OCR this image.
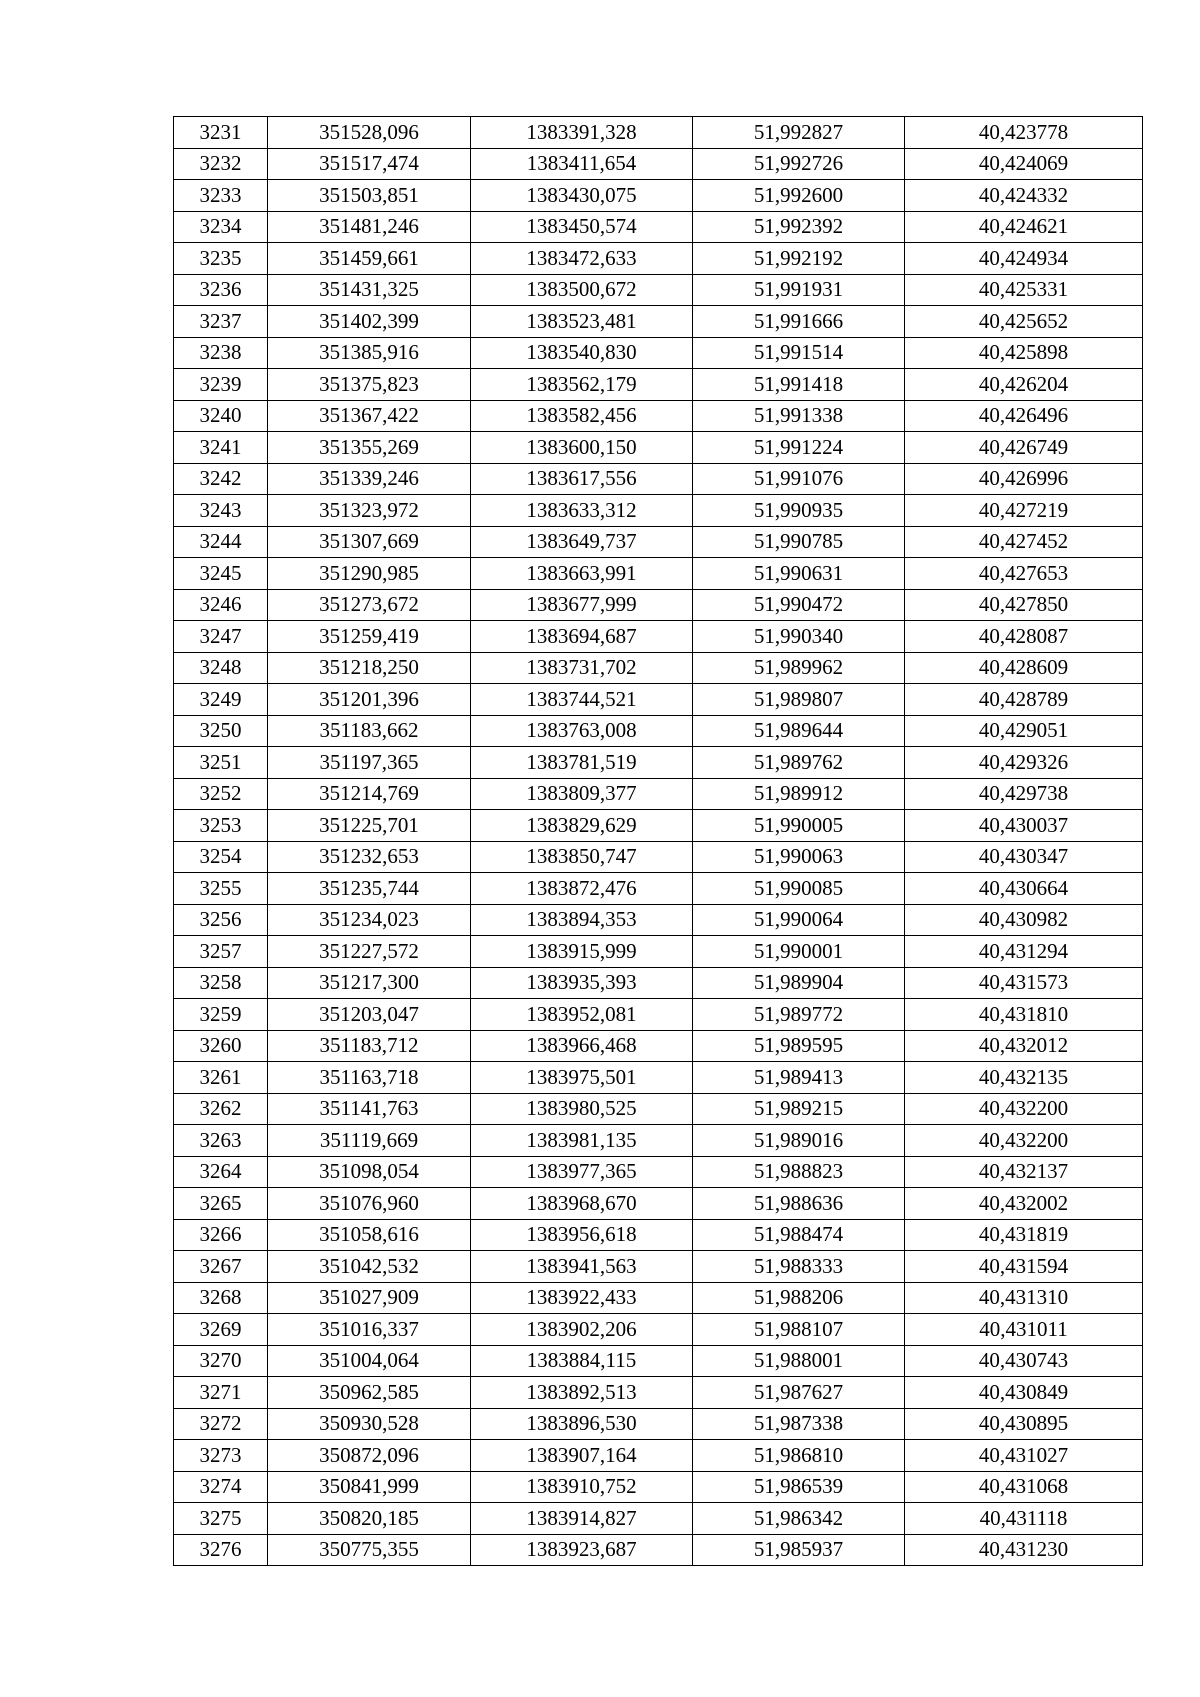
3231	351528,096	1383391,328	51,992827	40,423778
3232	351517,474	1383411,654	51,992726	40,424069
3233	351503,851	1383430,075	51,992600	40,424332
3234	351481,246	1383450,574	51,992392	40,424621
3235	351459,661	1383472,633	51,992192	40,424934
3236	351431,325	1383500,672	51,991931	40,425331
3237	351402,399	1383523,481	51,991666	40,425652
3238	351385,916	1383540,830	51,991514	40,425898
3239	351375,823	1383562,179	51,991418	40,426204
3240	351367,422	1383582,456	51,991338	40,426496
3241	351355,269	1383600,150	51,991224	40,426749
3242	351339,246	1383617,556	51,991076	40,426996
3243	351323,972	1383633,312	51,990935	40,427219
3244	351307,669	1383649,737	51,990785	40,427452
3245	351290,985	1383663,991	51,990631	40,427653
3246	351273,672	1383677,999	51,990472	40,427850
3247	351259,419	1383694,687	51,990340	40,428087
3248	351218,250	1383731,702	51,989962	40,428609
3249	351201,396	1383744,521	51,989807	40,428789
3250	351183,662	1383763,008	51,989644	40,429051
3251	351197,365	1383781,519	51,989762	40,429326
3252	351214,769	1383809,377	51,989912	40,429738
3253	351225,701	1383829,629	51,990005	40,430037
3254	351232,653	1383850,747	51,990063	40,430347
3255	351235,744	1383872,476	51,990085	40,430664
3256	351234,023	1383894,353	51,990064	40,430982
3257	351227,572	1383915,999	51,990001	40,431294
3258	351217,300	1383935,393	51,989904	40,431573
3259	351203,047	1383952,081	51,989772	40,431810
3260	351183,712	1383966,468	51,989595	40,432012
3261	351163,718	1383975,501	51,989413	40,432135
3262	351141,763	1383980,525	51,989215	40,432200
3263	351119,669	1383981,135	51,989016	40,432200
3264	351098,054	1383977,365	51,988823	40,432137
3265	351076,960	1383968,670	51,988636	40,432002
3266	351058,616	1383956,618	51,988474	40,431819
3267	351042,532	1383941,563	51,988333	40,431594
3268	351027,909	1383922,433	51,988206	40,431310
3269	351016,337	1383902,206	51,988107	40,431011
3270	351004,064	1383884,115	51,988001	40,430743
3271	350962,585	1383892,513	51,987627	40,430849
3272	350930,528	1383896,530	51,987338	40,430895
3273	350872,096	1383907,164	51,986810	40,431027
3274	350841,999	1383910,752	51,986539	40,431068
3275	350820,185	1383914,827	51,986342	40,431118
3276	350775,355	1383923,687	51,985937	40,431230
